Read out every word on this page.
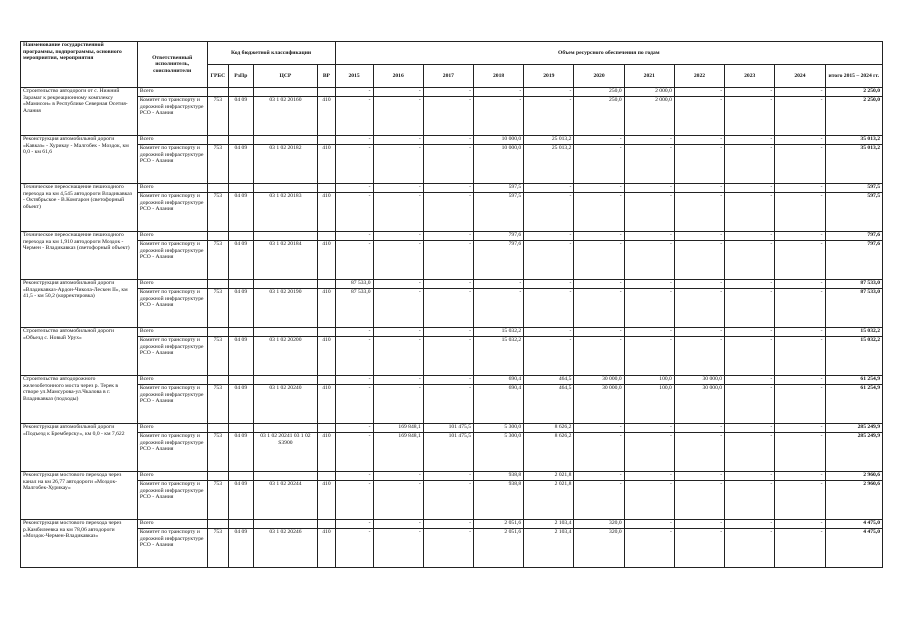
Наименование государственной программы, подпрограммы, основного мероприятия, мероприятия	Ответственный исполнитель, соисполнители	Код бюджетной классификации				Объем ресурсного обеспечения по годам										
		ГРБС	РзПр	ЦСР	ВР	2015	2016	2017	2018	2019	2020	2021	2022	2023	2024	итого 2015 – 2024 гг.
Строительство автодороги от с. Нижний Зарамаг к рекреационному комплексу «Мамисон» в Республике Северная Осетия-Алания	Всего					-	-	-	-	-	250,0	2 000,0	-	-	-	2 250,0
	Комитет по транспорту и дорожной инфраструктуре РСО - Алания	753	04 09	03 1 02 20160	410	-	-	-	-	-	250,0	2 000,0	-	-	-	2 250,0
Реконструкция автомобильной дороги «Кавказ» - Хурикау - Малгобек - Моздок, км 0,0 - км 61,6	Всего					-	-	-	10 000,0	25 013,2	-	-	-	-	-	35 013,2
	Комитет по транспорту и дорожной инфраструктуре РСО - Алания	753	04 09	03 1 02 20182	410	-	-	-	10 000,0	25 013,2	-	-	-	-	-	35 013,2
Техническое переоснащение пешеходного перехода на км 4,545 автодороги Владикавказ - Октябрьское - В.Комгарон (светофорный объект)	Всего					-	-	-	597,5	-	-	-	-	-	-	597,5
	Комитет по транспорту и дорожной инфраструктуре РСО - Алания	753	04 09	03 1 02 20183	410	-	-	-	597,5	-	-	-	-	-	-	597,5
Техническое переоснащение пешеходного перехода на км 1,910 автодороги Моздок - Чермен - Владикавказ (светофорный объект)	Всего					-	-	-	797,6	-	-	-	-	-	-	797,6
	Комитет по транспорту и дорожной инфраструктуре РСО - Алания	753	04 09	03 1 02 20184	410	-	-	-	797,6	-	-	-	-	-	-	797,6
Реконструкция автомобильной дороги «Владикавказ-Ардон-Чиколa-Лескен II», км 41,5 - км 50,2 (корректировка)	Всего					87 533,0	-	-	-	-	-	-	-	-	-	87 533,0
	Комитет по транспорту и дорожной инфраструктуре РСО - Алания	753	04 09	03 1 02 20190	410	87 533,0	-	-	-	-	-	-	-	-	-	87 533,0
Строительство автомобильной дороги «Объезд с. Новый Урух»	Всего					-	-	-	15 032,2	-	-	-	-	-	-	15 032,2
	Комитет по транспорту и дорожной инфраструктуре РСО - Алания	753	04 09	03 1 02 20200	410	-	-	-	15 032,2	-	-	-	-	-	-	15 032,2
Строительство автодорожного железобетонного моста через р. Терек в створе ул.Мамсурова-ул.Чкалова в г. Владикавказ (подходы)	Всего					-	-	-	690,4	464,5	30 000,0	100,0	30 000,0	-	-	61 254,9
	Комитет по транспорту и дорожной инфраструктуре РСО - Алания	753	04 09	03 1 02 20240	410	-	-	-	690,4	464,5	30 000,0	100,0	30 000,0	-	-	61 254,9
Реконструкция автомобильной дороги «Подъезд к Бремберску», км 0,0 - км 7,622	Всего					-	169 848,1	101 475,5	5 300,0	8 626,2	-	-	-	-	-	285 249,9
	Комитет по транспорту и дорожной инфраструктуре РСО - Алания	753	04 09	03 1 02 20241 03 1 02 S3900	410	-	169 848,1	101 475,5	5 300,0	8 626,2	-	-	-	-	-	285 249,9
Реконструкция мостового перехода через канал на км 26,77 автодороги «Моздок-Малгобек-Хурикау»	Всего					-	-	-	938,8	2 021,8	-	-	-	-	-	2 960,6
	Комитет по транспорту и дорожной инфраструктуре РСО - Алания	753	04 09	03 1 02 20244	410	-	-	-	938,8	2 021,8	-	-	-	-	-	2 960,6
Реконструкция мостового перехода через р.Камбилеевка на км 78,06 автодороги «Моздок-Чермен-Владикавказ»	Всего					-	-	-	2 051,6	2 103,4	320,0	-	-	-	-	4 475,0
	Комитет по транспорту и дорожной инфраструктуре РСО - Алания	753	04 09	03 1 02 20246	410	-	-	-	2 051,6	2 103,4	320,0	-	-	-	-	4 475,0
